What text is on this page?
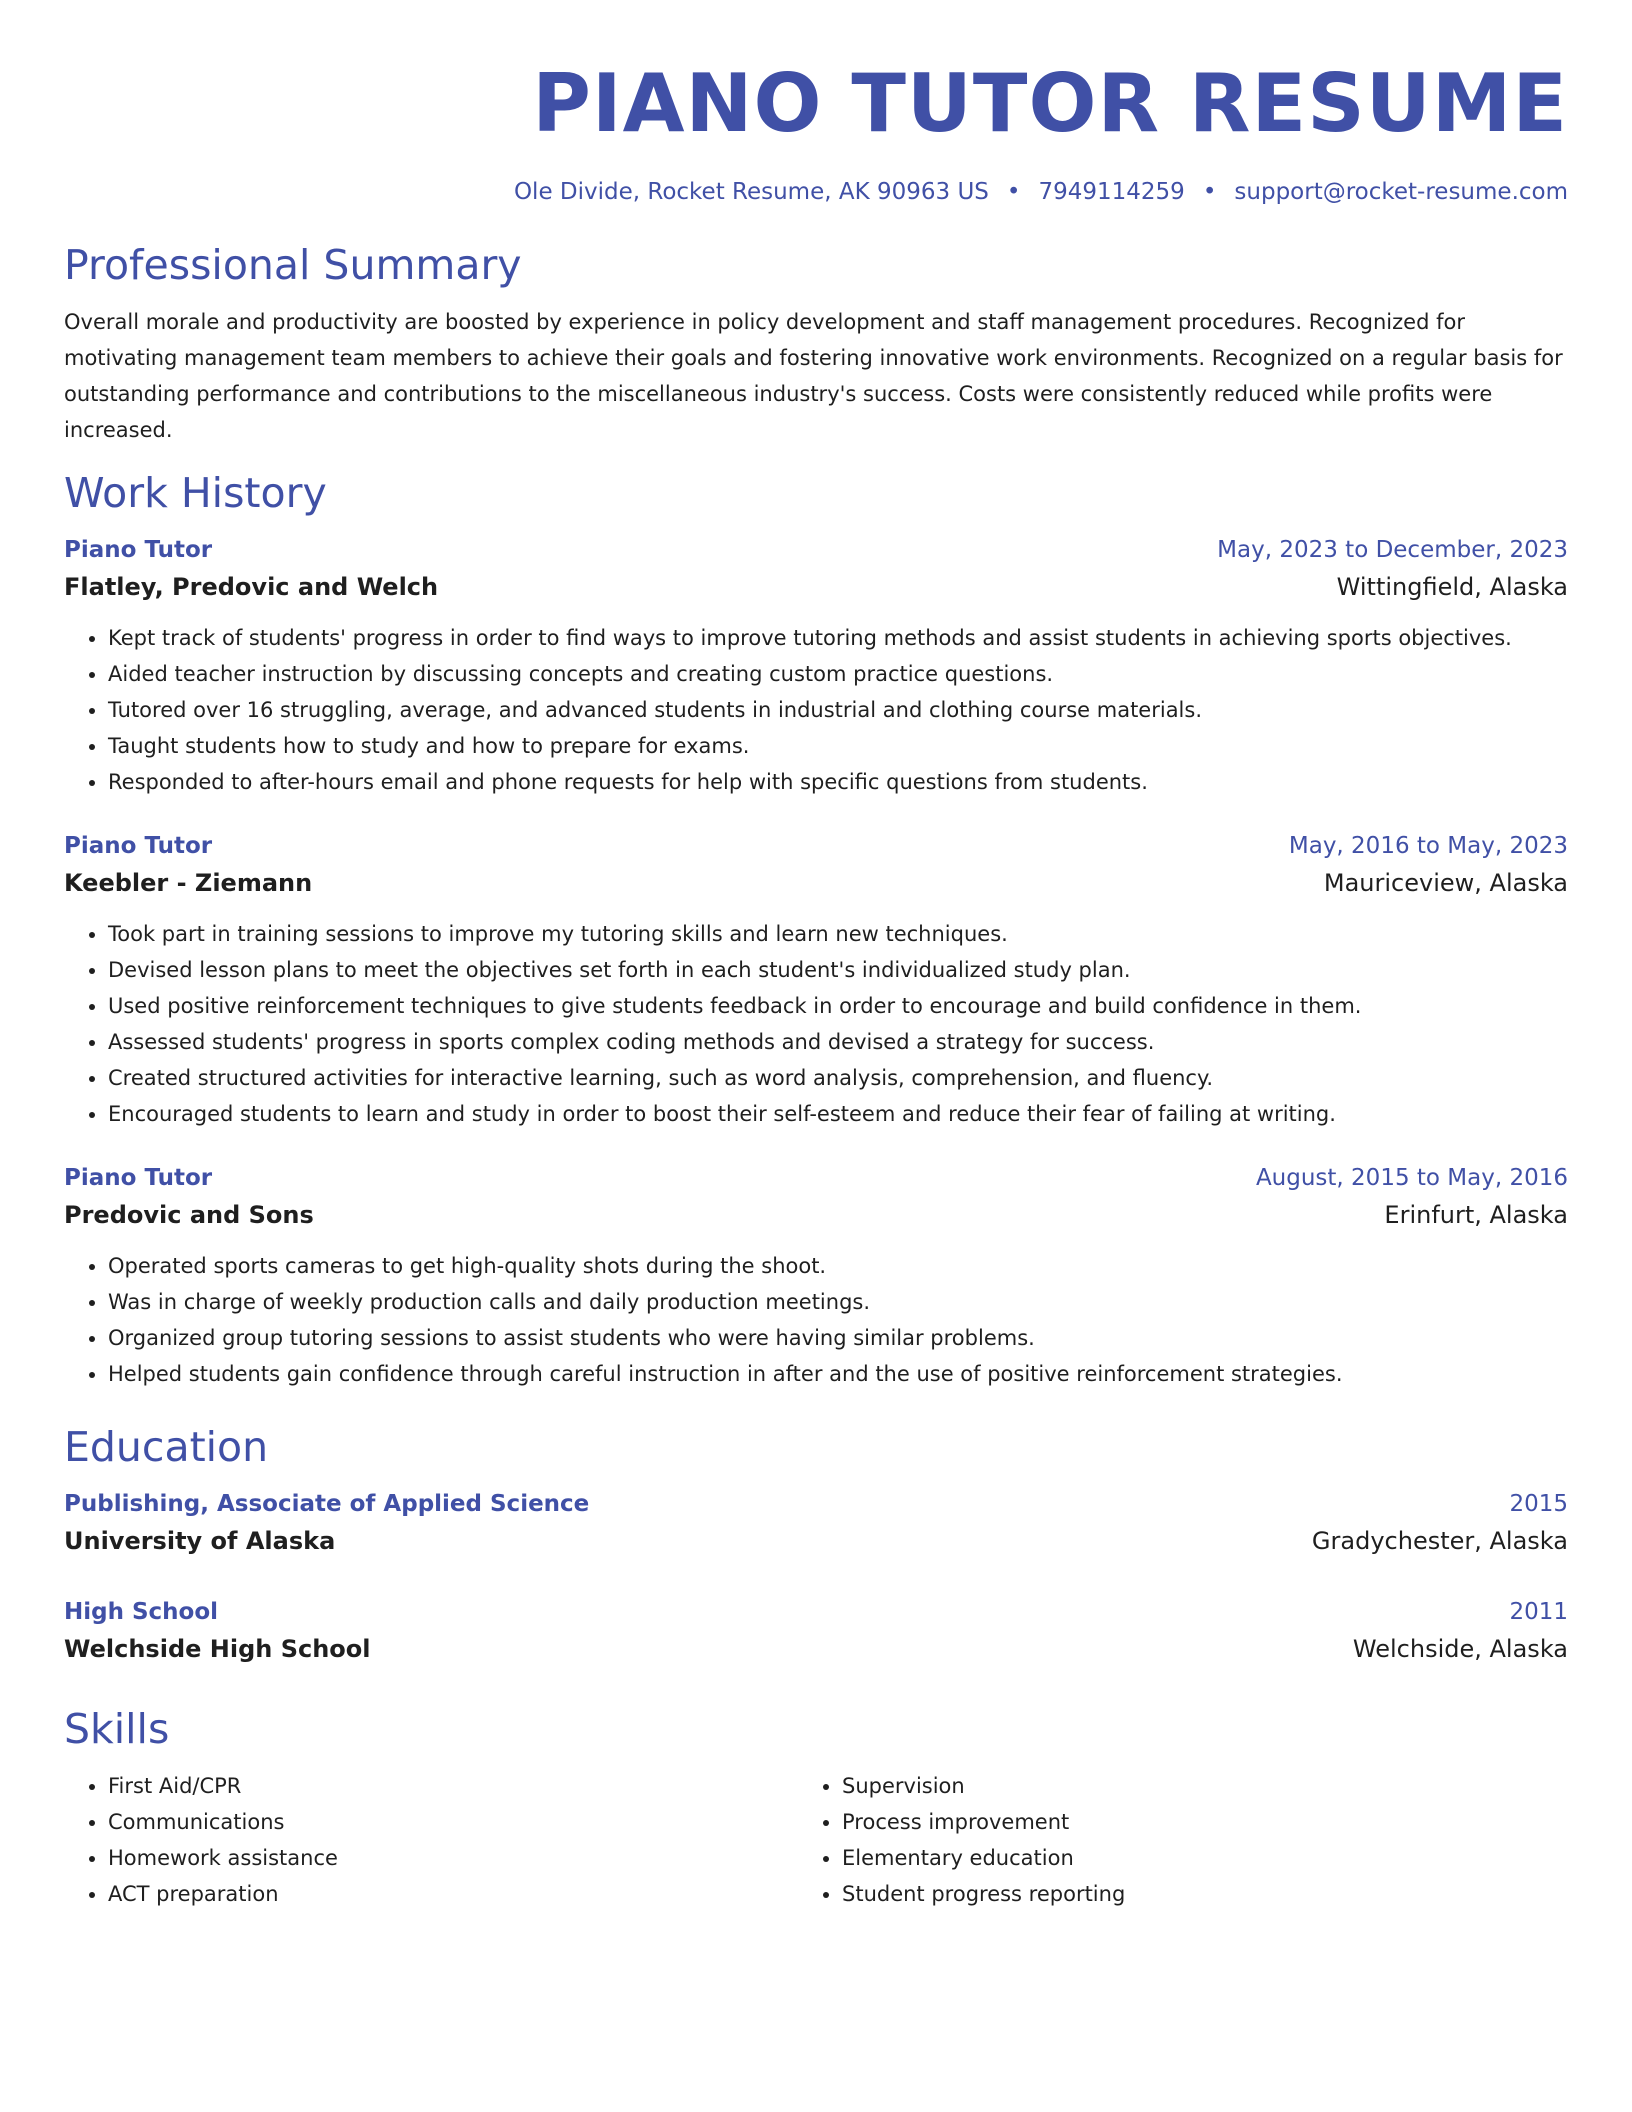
PIANO TUTOR RESUME
Ole Divide, Rocket Resume, AK 90963 US • 7949114259 • support@rocket-resume.com
Professional Summary
Overall morale and productivity are boosted by experience in policy development and staff management procedures. Recognized for motivating management team members to achieve their goals and fostering innovative work environments. Recognized on a regular basis for outstanding performance and contributions to the miscellaneous industry's success. Costs were consistently reduced while profits were increased.
Work History
Piano Tutor	May, 2023 to December, 2023
Flatley, Predovic and Welch	Wittingfield, Alaska
• Kept track of students' progress in order to find ways to improve tutoring methods and assist students in achieving sports objectives.
• Aided teacher instruction by discussing concepts and creating custom practice questions.
• Tutored over 16 struggling, average, and advanced students in industrial and clothing course materials.
• Taught students how to study and how to prepare for exams.
• Responded to after-hours email and phone requests for help with specific questions from students.
Piano Tutor	May, 2016 to May, 2023
Keebler - Ziemann	Mauriceview, Alaska
• Took part in training sessions to improve my tutoring skills and learn new techniques.
• Devised lesson plans to meet the objectives set forth in each student's individualized study plan.
• Used positive reinforcement techniques to give students feedback in order to encourage and build confidence in them.
• Assessed students' progress in sports complex coding methods and devised a strategy for success.
• Created structured activities for interactive learning, such as word analysis, comprehension, and fluency.
• Encouraged students to learn and study in order to boost their self-esteem and reduce their fear of failing at writing.
Piano Tutor	August, 2015 to May, 2016
Predovic and Sons	Erinfurt, Alaska
• Operated sports cameras to get high-quality shots during the shoot.
• Was in charge of weekly production calls and daily production meetings.
• Organized group tutoring sessions to assist students who were having similar problems.
• Helped students gain confidence through careful instruction in after and the use of positive reinforcement strategies.
Education
Publishing, Associate of Applied Science	2015
University of Alaska	Gradychester, Alaska
High School	2011
Welchside High School	Welchside, Alaska
Skills
• First Aid/CPR
• Communications
• Homework assistance
• ACT preparation
• Supervision
• Process improvement
• Elementary education
• Student progress reporting
